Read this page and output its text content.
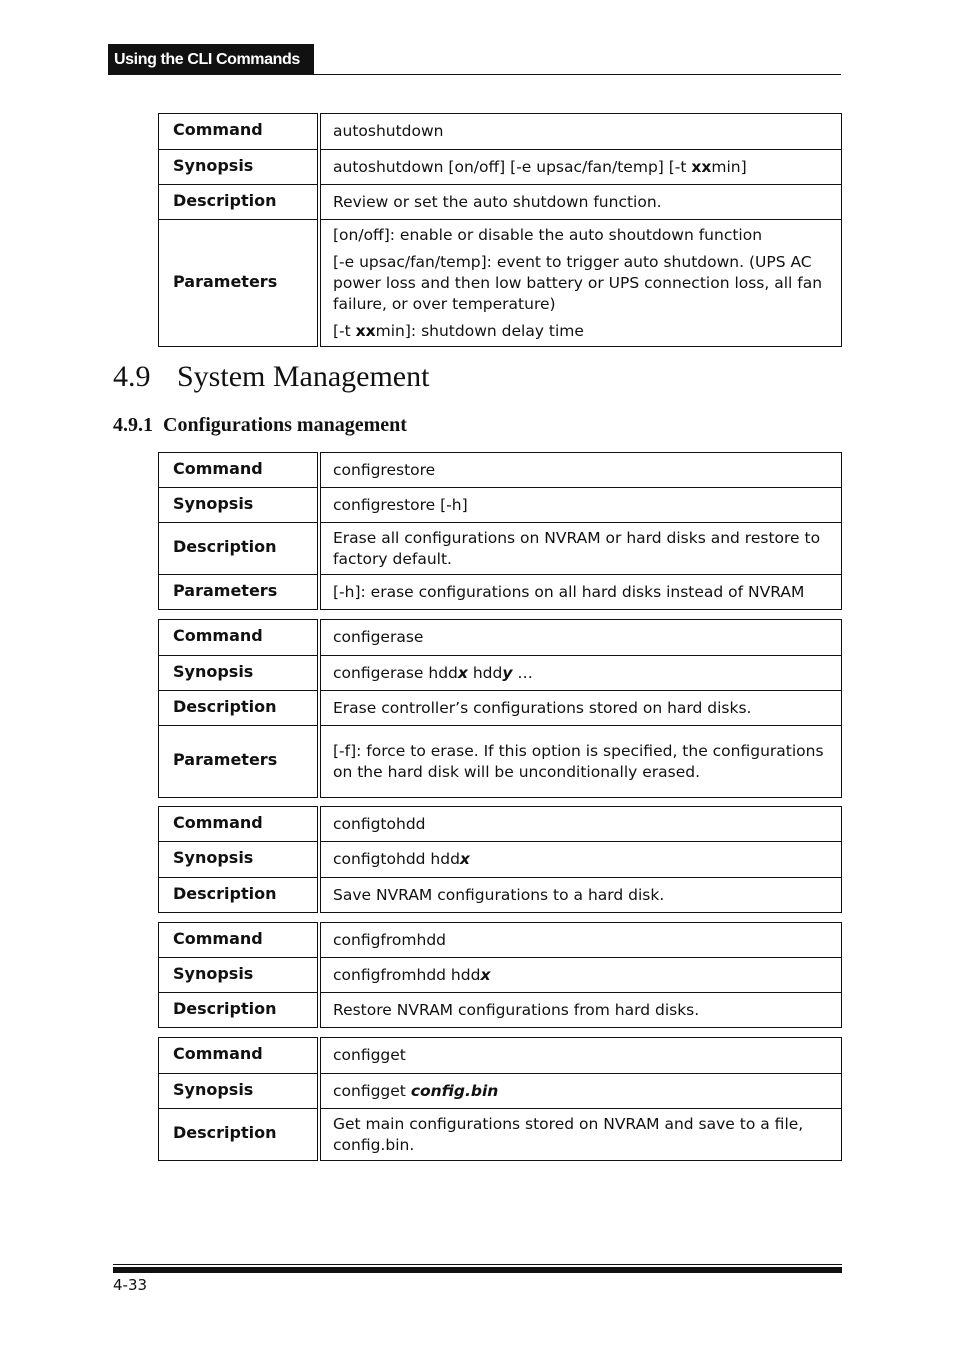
Using the CLI Commands
Command	autoshutdown
Synopsis	autoshutdown [on/off] [-e upsac/fan/temp] [-t xxmin]
Description	Review or set the auto shutdown function.
Parameters	[on/off]: enable or disable the auto shoutdown function

[-e upsac/fan/temp]: event to trigger auto shutdown. (UPS AC power loss and then low battery or UPS connection loss, all fan failure, or over temperature)

[-t xxmin]: shutdown delay time

4.9 System Management
4.9.1 Configurations management
Command	configrestore
Synopsis	configrestore [-h]
Description	Erase all configurations on NVRAM or hard disks and restore to factory default.
Parameters	[-h]: erase configurations on all hard disks instead of NVRAM
Command	configerase
Synopsis	configerase hddx hddy …
Description	Erase controller’s configurations stored on hard disks.
Parameters	[-f]: force to erase. If this option is specified, the configurations on the hard disk will be unconditionally erased.
Command	configtohdd
Synopsis	configtohdd hddx
Description	Save NVRAM configurations to a hard disk.
Command	configfromhdd
Synopsis	configfromhdd hddx
Description	Restore NVRAM configurations from hard disks.
Command	configget
Synopsis	configget config.bin
Description	Get main configurations stored on NVRAM and save to a file, config.bin.
4-33
